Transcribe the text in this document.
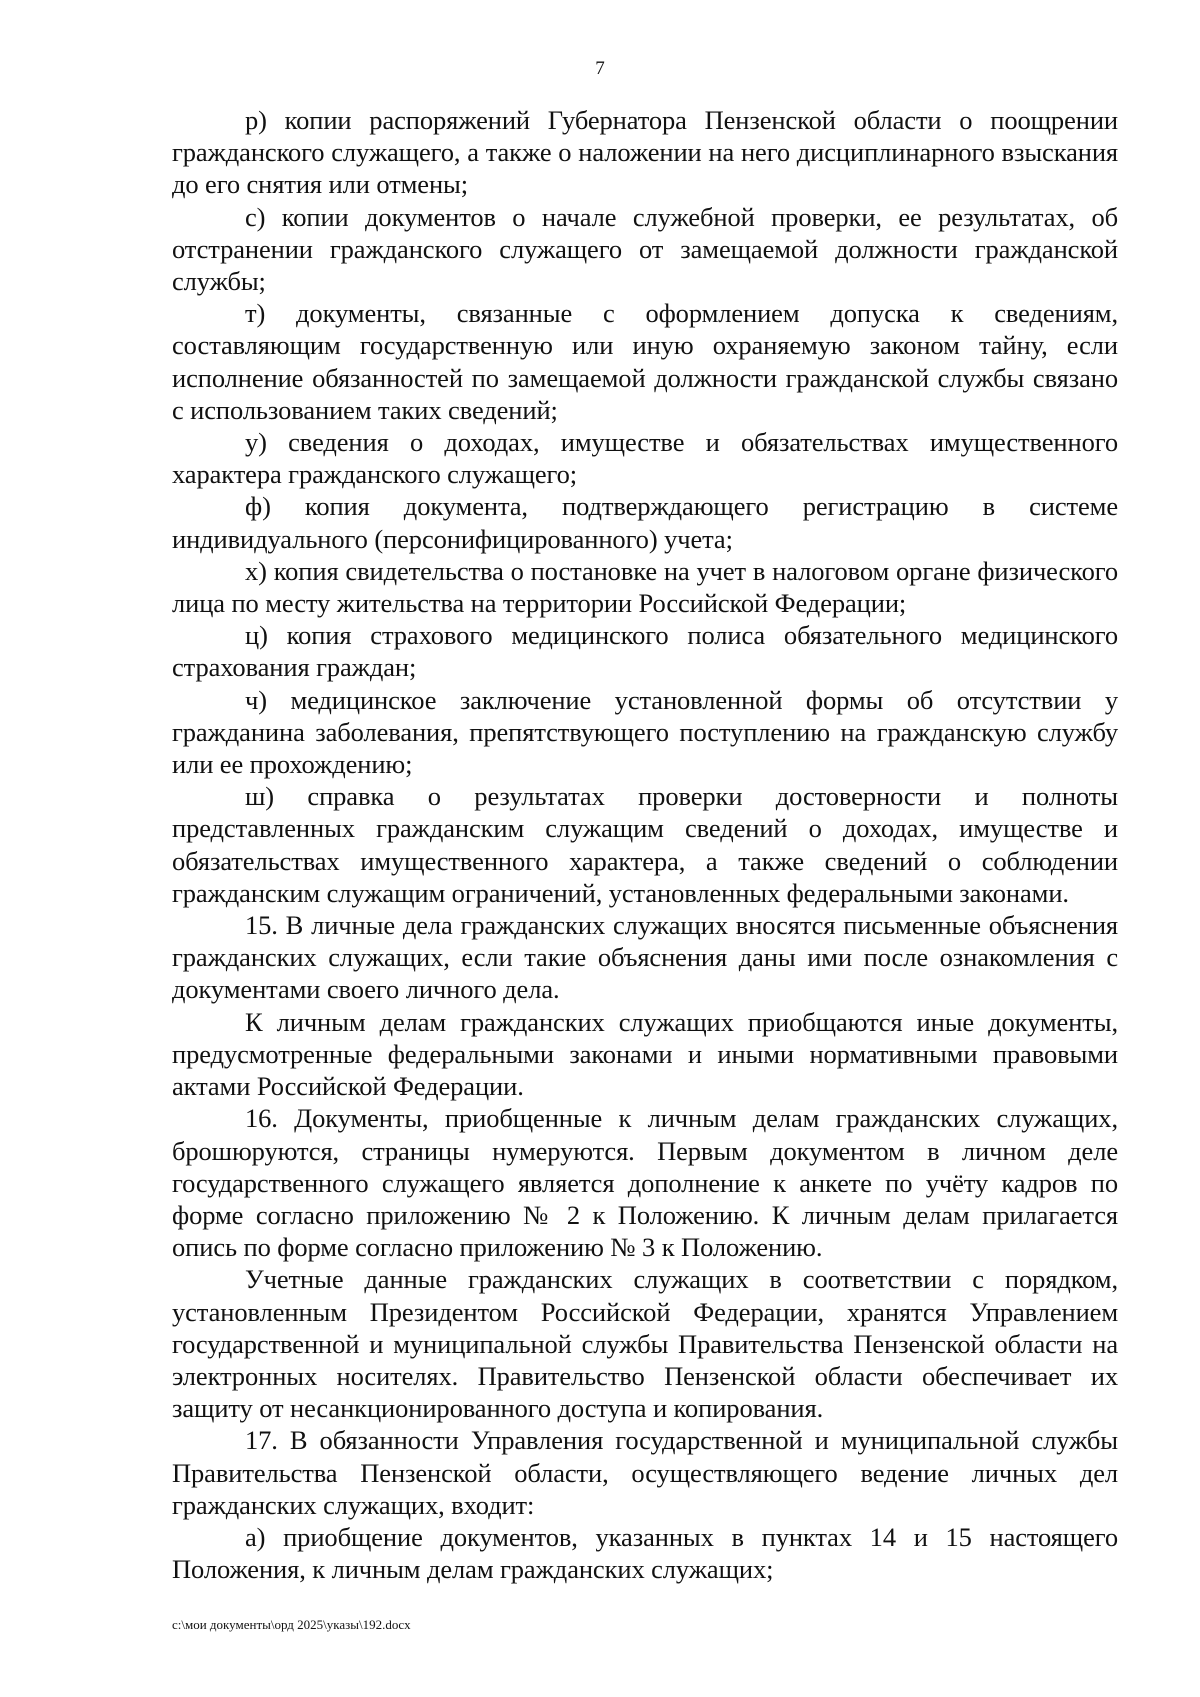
7

р) копии распоряжений Губернатора Пензенской области о поощрении гражданского служащего, а также о наложении на него дисциплинарного взыскания до его снятия или отмены;

с) копии документов о начале служебной проверки, ее результатах, об отстранении гражданского служащего от замещаемой должности гражданской службы;

т) документы, связанные с оформлением допуска к сведениям, составляющим государственную или иную охраняемую законом тайну, если исполнение обязанностей по замещаемой должности гражданской службы связано с использованием таких сведений;

у) сведения о доходах, имуществе и обязательствах имущественного характера гражданского служащего;

ф) копия документа, подтверждающего регистрацию в системе индивидуального (персонифицированного) учета;

х) копия свидетельства о постановке на учет в налоговом органе физического лица по месту жительства на территории Российской Федерации;

ц) копия страхового медицинского полиса обязательного медицинского страхования граждан;

ч) медицинское заключение установленной формы об отсутствии у гражданина заболевания, препятствующего поступлению на гражданскую службу или ее прохождению;

ш) справка о результатах проверки достоверности и полноты представленных гражданским служащим сведений о доходах, имуществе и обязательствах имущественного характера, а также сведений о соблюдении гражданским служащим ограничений, установленных федеральными законами.

15. В личные дела гражданских служащих вносятся письменные объяснения гражданских служащих, если такие объяснения даны ими после ознакомления с документами своего личного дела.

К личным делам гражданских служащих приобщаются иные документы, предусмотренные федеральными законами и иными нормативными правовыми актами Российской Федерации.

16. Документы, приобщенные к личным делам гражданских служащих, брошюруются, страницы нумеруются. Первым документом в личном деле государственного служащего является дополнение к анкете по учёту кадров по форме согласно приложению № 2 к Положению. К личным делам прилагается опись по форме согласно приложению № 3 к Положению.

Учетные данные гражданских служащих в соответствии с порядком, установленным Президентом Российской Федерации, хранятся Управлением государственной и муниципальной службы Правительства Пензенской области на электронных носителях. Правительство Пензенской области обеспечивает их защиту от несанкционированного доступа и копирования.

17. В обязанности Управления государственной и муниципальной службы Правительства Пензенской области, осуществляющего ведение личных дел гражданских служащих, входит:

а) приобщение документов, указанных в пунктах 14 и 15 настоящего Положения, к личным делам гражданских служащих;

c:\мои документы\орд 2025\указы\192.docx
